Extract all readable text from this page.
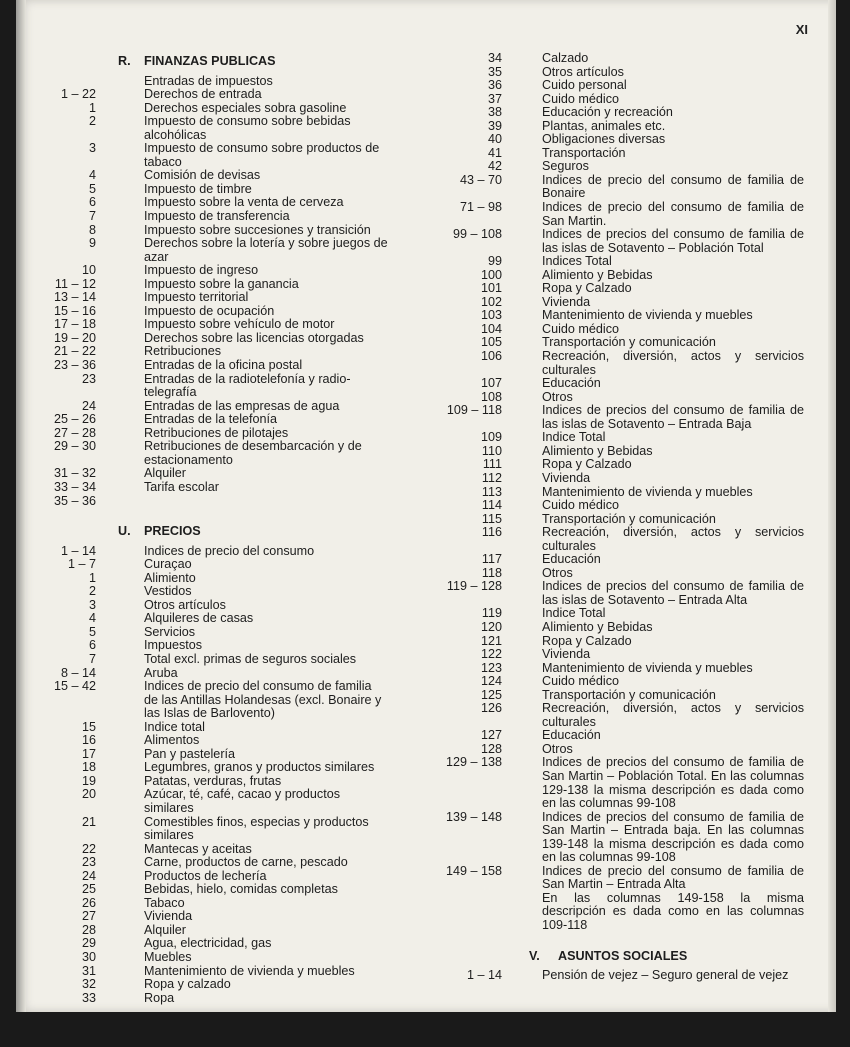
XI
R.	FINANZAS PUBLICAS
Entradas de impuestos
1 – 22	Derechos de entrada
1	Derechos especiales sobra gasoline
2	Impuesto de consumo sobre bebidas alcohólicas
3	Impuesto de consumo sobre productos de tabaco
4	Comisión de devisas
5	Impuesto de timbre
6	Impuesto sobre la venta de cerveza
7	Impuesto de transferencia
8	Impuesto sobre succesiones y transición
9	Derechos sobre la lotería y sobre juegos de azar
10	Impuesto de ingreso
11 – 12	Impuesto sobre la ganancia
13 – 14	Impuesto territorial
15 – 16	Impuesto de ocupación
17 – 18	Impuesto sobre vehículo de motor
19 – 20	Derechos sobre las licencias otorgadas
21 – 22	Retribuciones
23 – 36	Entradas de la oficina postal
23	Entradas de la radiotelefonía y radio-telegrafía
24	Entradas de las empresas de agua
25 – 26	Entradas de la telefonía
27 – 28	Retribuciones de pilotajes
29 – 30	Retribuciones de desembarcación y de estacionamento
31 – 32	Alquiler
33 – 34	Tarifa escolar
35 – 36
U.	PRECIOS
1 – 14	Indices de precio del consumo
1 – 7	Curaçao
1	Alimiento
2	Vestidos
3	Otros artículos
4	Alquileres de casas
5	Servicios
6	Impuestos
7	Total excl. primas de seguros sociales
8 – 14	Aruba
15 – 42	Indices de precio del consumo de familia de las Antillas Holandesas (excl. Bonaire y las Islas de Barlovento)
15	Indice total
16	Alimentos
17	Pan y pastelería
18	Legumbres, granos y productos similares
19	Patatas, verduras, frutas
20	Azúcar, té, café, cacao y productos similares
21	Comestibles finos, especias y productos similares
22	Mantecas y aceitas
23	Carne, productos de carne, pescado
24	Productos de lechería
25	Bebidas, hielo, comidas completas
26	Tabaco
27	Vivienda
28	Alquiler
29	Agua, electricidad, gas
30	Muebles
31	Mantenimiento de vivienda y muebles
32	Ropa y calzado
33	Ropa
34	Calzado
35	Otros artículos
36	Cuido personal
37	Cuido médico
38	Educación y recreación
39	Plantas, animales etc.
40	Obligaciones diversas
41	Transportación
42	Seguros
43 – 70	Indices de precio del consumo de familia de Bonaire
71 – 98	Indices de precio del consumo de familia de San Martin.
99 – 108	Indices de precios del consumo de familia de las islas de Sotavento – Población Total
99	Indices Total
100	Alimiento y Bebidas
101	Ropa y Calzado
102	Vivienda
103	Mantenimiento de vivienda y muebles
104	Cuido médico
105	Transportación y comunicación
106	Recreación, diversión, actos y servicios culturales
107	Educación
108	Otros
109 – 118	Indices de precios del consumo de familia de las islas de Sotavento – Entrada Baja
109	Indice Total
110	Alimiento y Bebidas
111	Ropa y Calzado
112	Vivienda
113	Mantenimiento de vivienda y muebles
114	Cuido médico
115	Transportación y comunicación
116	Recreación, diversión, actos y servicios culturales
117	Educación
118	Otros
119 – 128	Indices de precios del consumo de familia de las islas de Sotavento – Entrada Alta
119	Indice Total
120	Alimiento y Bebidas
121	Ropa y Calzado
122	Vivienda
123	Mantenimiento de vivienda y muebles
124	Cuido médico
125	Transportación y comunicación
126	Recreación, diversión, actos y servicios culturales
127	Educación
128	Otros
129 – 138	Indices de precios del consumo de familia de San Martin – Población Total. En las columnas 129-138 la misma descripción es dada como en las columnas 99-108
139 – 148	Indices de precios del consumo de familia de San Martin – Entrada baja. En las columnas 139-148 la misma descripción es dada como en las columnas 99-108
149 – 158	Indices de precio del consumo de familia de San Martin – Entrada Alta
En las columnas 149-158 la misma descripción es dada como en las columnas 109-118
V.	ASUNTOS SOCIALES
1 – 14	Pensión de vejez – Seguro general de vejez
